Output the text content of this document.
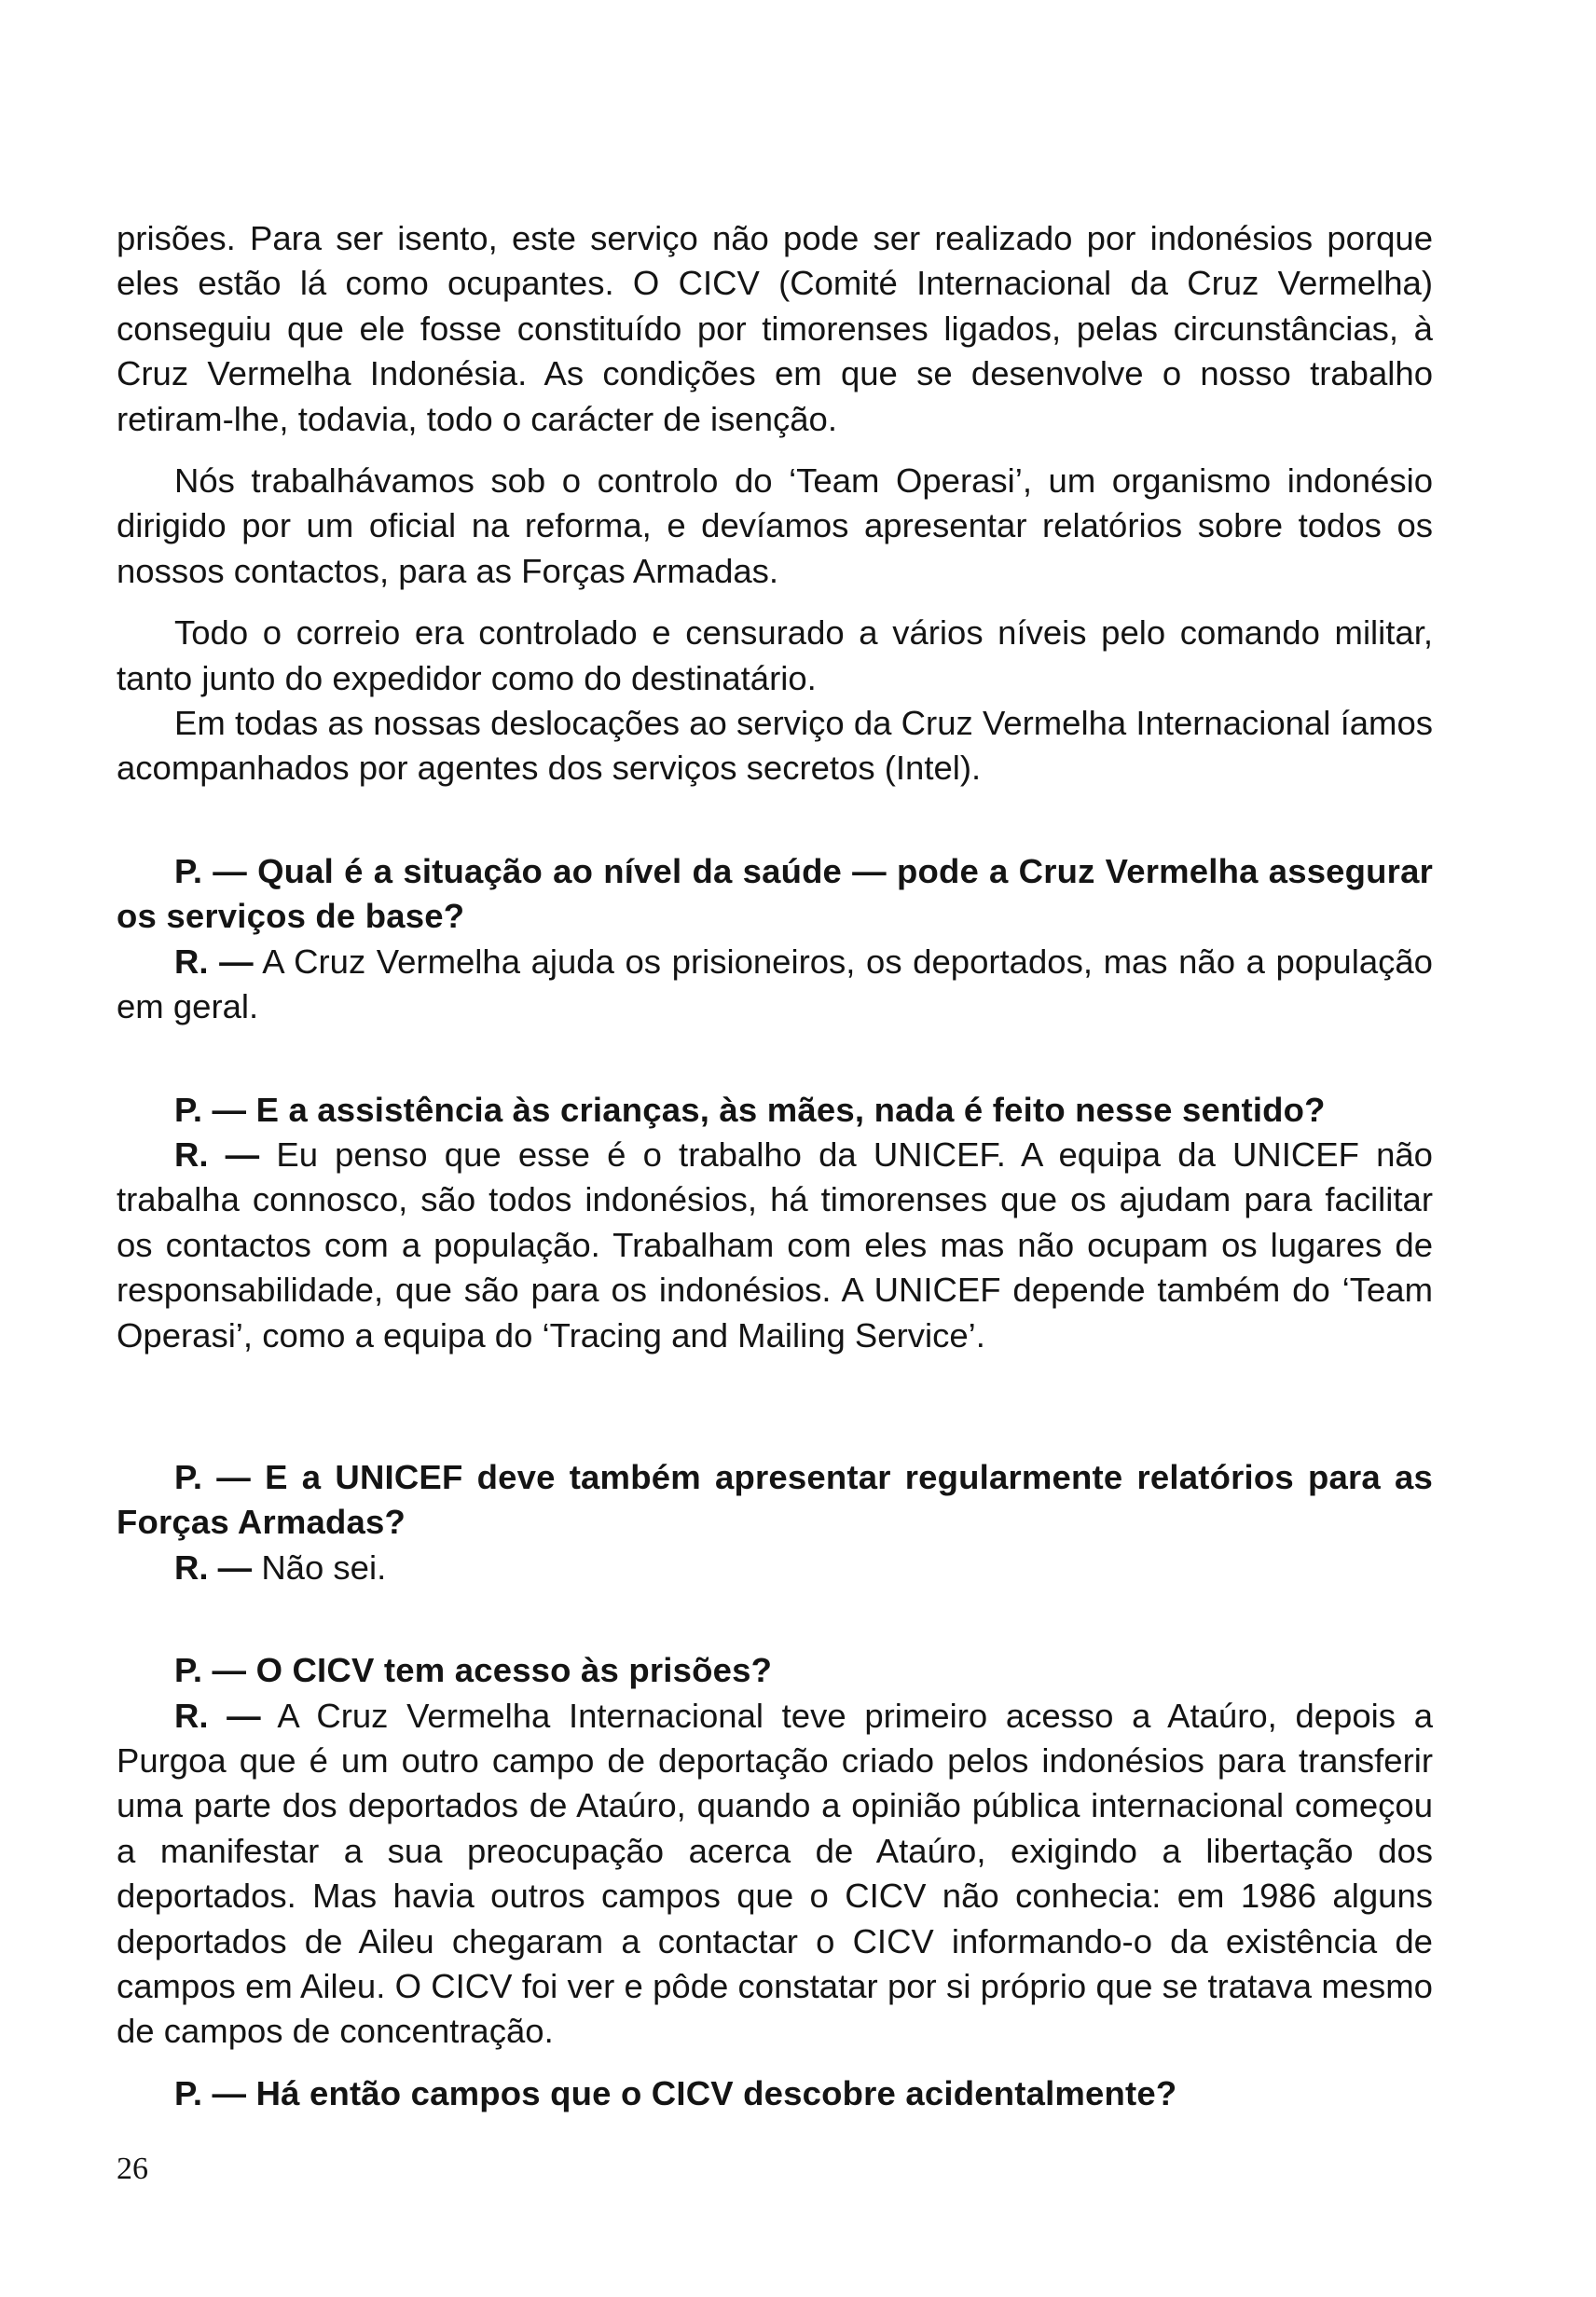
prisões. Para ser isento, este serviço não pode ser realizado por indonésios porque eles estão lá como ocupantes. O CICV (Comité Internacional da Cruz Vermelha) conseguiu que ele fosse constituído por timorenses ligados, pelas circunstâncias, à Cruz Vermelha Indonésia. As condições em que se desenvolve o nosso trabalho retiram-lhe, todavia, todo o carácter de isenção.

Nós trabalhávamos sob o controlo do ‘Team Operasi’, um organismo indonésio dirigido por um oficial na reforma, e devíamos apresentar relatórios sobre todos os nossos contactos, para as Forças Armadas.

Todo o correio era controlado e censurado a vários níveis pelo comando militar, tanto junto do expedidor como do destinatário.

Em todas as nossas deslocações ao serviço da Cruz Vermelha Internacional íamos acompanhados por agentes dos serviços secretos (Intel).

P. — Qual é a situação ao nível da saúde — pode a Cruz Vermelha assegurar os serviços de base?

R. — A Cruz Vermelha ajuda os prisioneiros, os deportados, mas não a população em geral.

P. — E a assistência às crianças, às mães, nada é feito nesse sentido?

R. — Eu penso que esse é o trabalho da UNICEF. A equipa da UNICEF não trabalha connosco, são todos indonésios, há timorenses que os ajudam para facilitar os contactos com a população. Trabalham com eles mas não ocupam os lugares de responsabilidade, que são para os indonésios. A UNICEF depende também do ‘Team Operasi’, como a equipa do ‘Tracing and Mailing Service’.

P. — E a UNICEF deve também apresentar regularmente relatórios para as Forças Armadas?

R. — Não sei.

P. — O CICV tem acesso às prisões?

R. — A Cruz Vermelha Internacional teve primeiro acesso a Ataúro, depois a Purgoa que é um outro campo de deportação criado pelos indonésios para transferir uma parte dos deportados de Ataúro, quando a opinião pública internacional começou a manifestar a sua preocupação acerca de Ataúro, exigindo a libertação dos deportados. Mas havia outros campos que o CICV não conhecia: em 1986 alguns deportados de Aileu chegaram a contactar o CICV informando-o da existência de campos em Aileu. O CICV foi ver e pôde constatar por si próprio que se tratava mesmo de campos de concentração.

P. — Há então campos que o CICV descobre acidentalmente?

26
